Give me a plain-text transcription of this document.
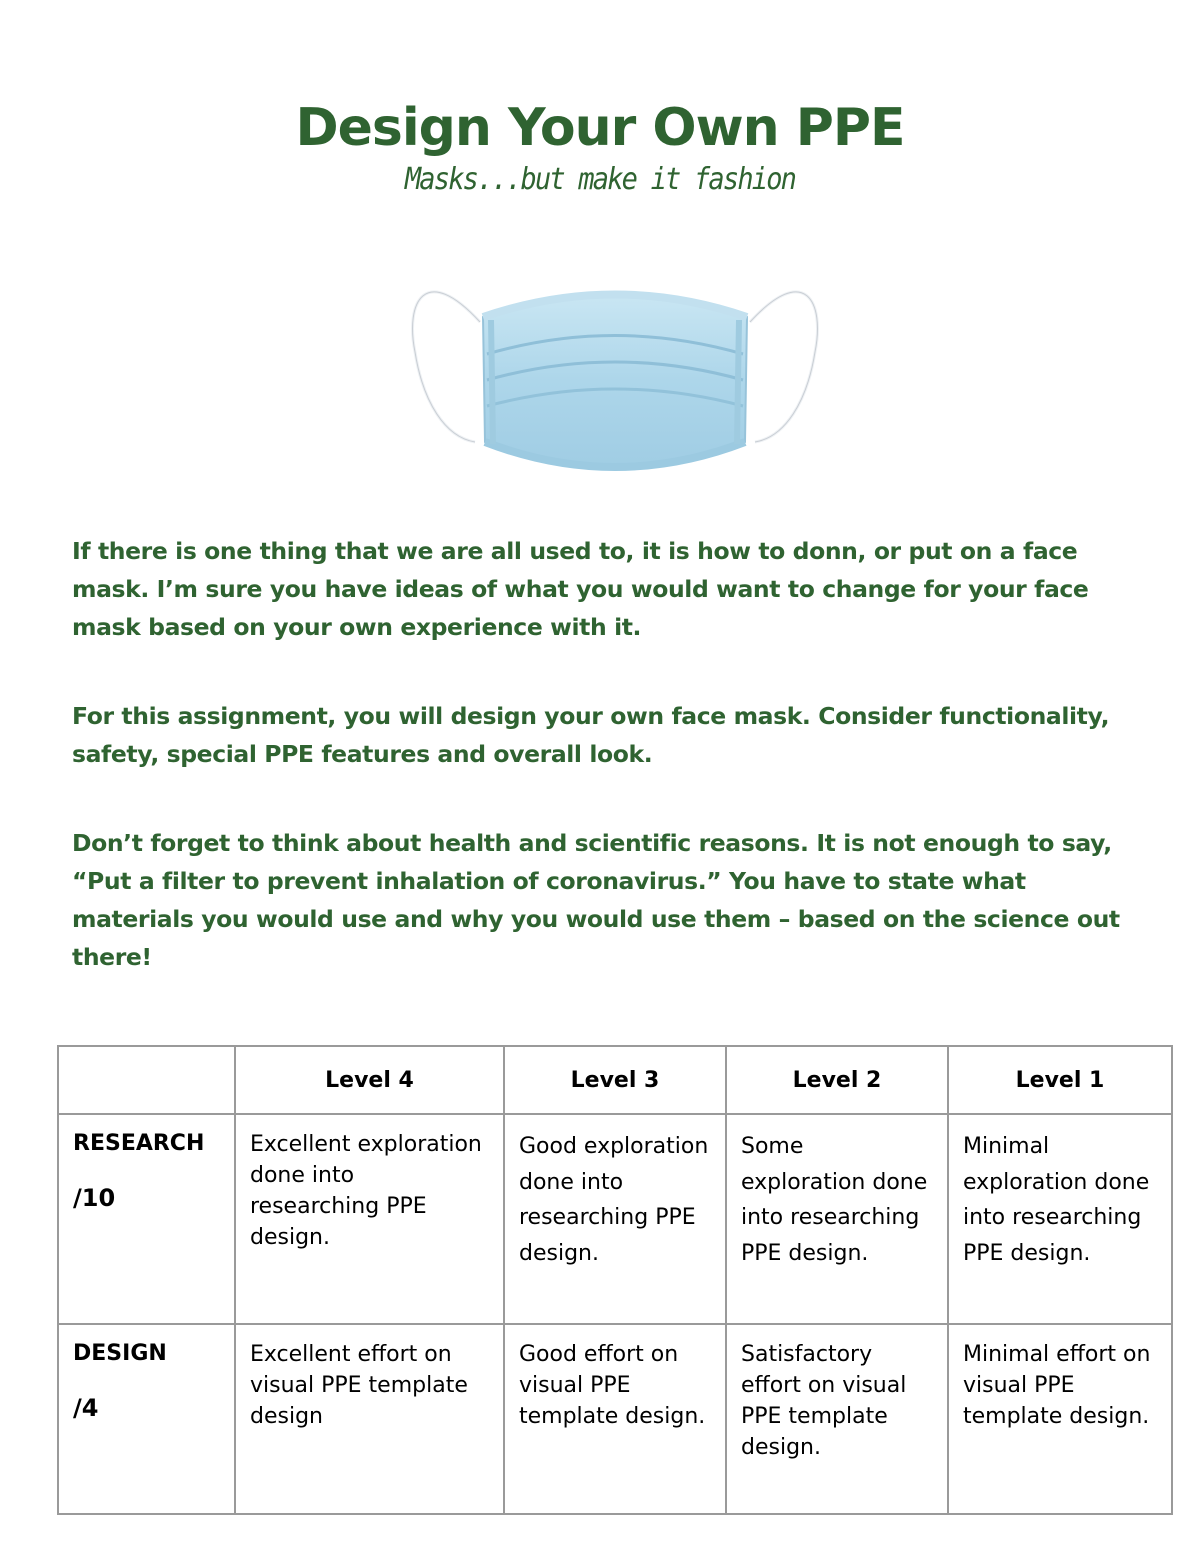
Design Your Own PPE
Masks...but make it fashion

If there is one thing that we are all used to, it is how to donn, or put on a face mask. I’m sure you have ideas of what you would want to change for your face mask based on your own experience with it.

For this assignment, you will design your own face mask. Consider functionality, safety, special PPE features and overall look.

Don’t forget to think about health and scientific reasons. It is not enough to say, “Put a filter to prevent inhalation of coronavirus.” You have to state what materials you would use and why you would use them – based on the science out there!

	Level 4	Level 3	Level 2	Level 1

RESEARCH
/10	Excellent exploration done into researching PPE design.	Good exploration done into researching PPE design.	Some exploration done into researching PPE design.	Minimal exploration done into researching PPE design.

DESIGN
/4	Excellent effort on visual PPE template design	Good effort on visual PPE template design.	Satisfactory effort on visual PPE template design.	Minimal effort on visual PPE template design.
